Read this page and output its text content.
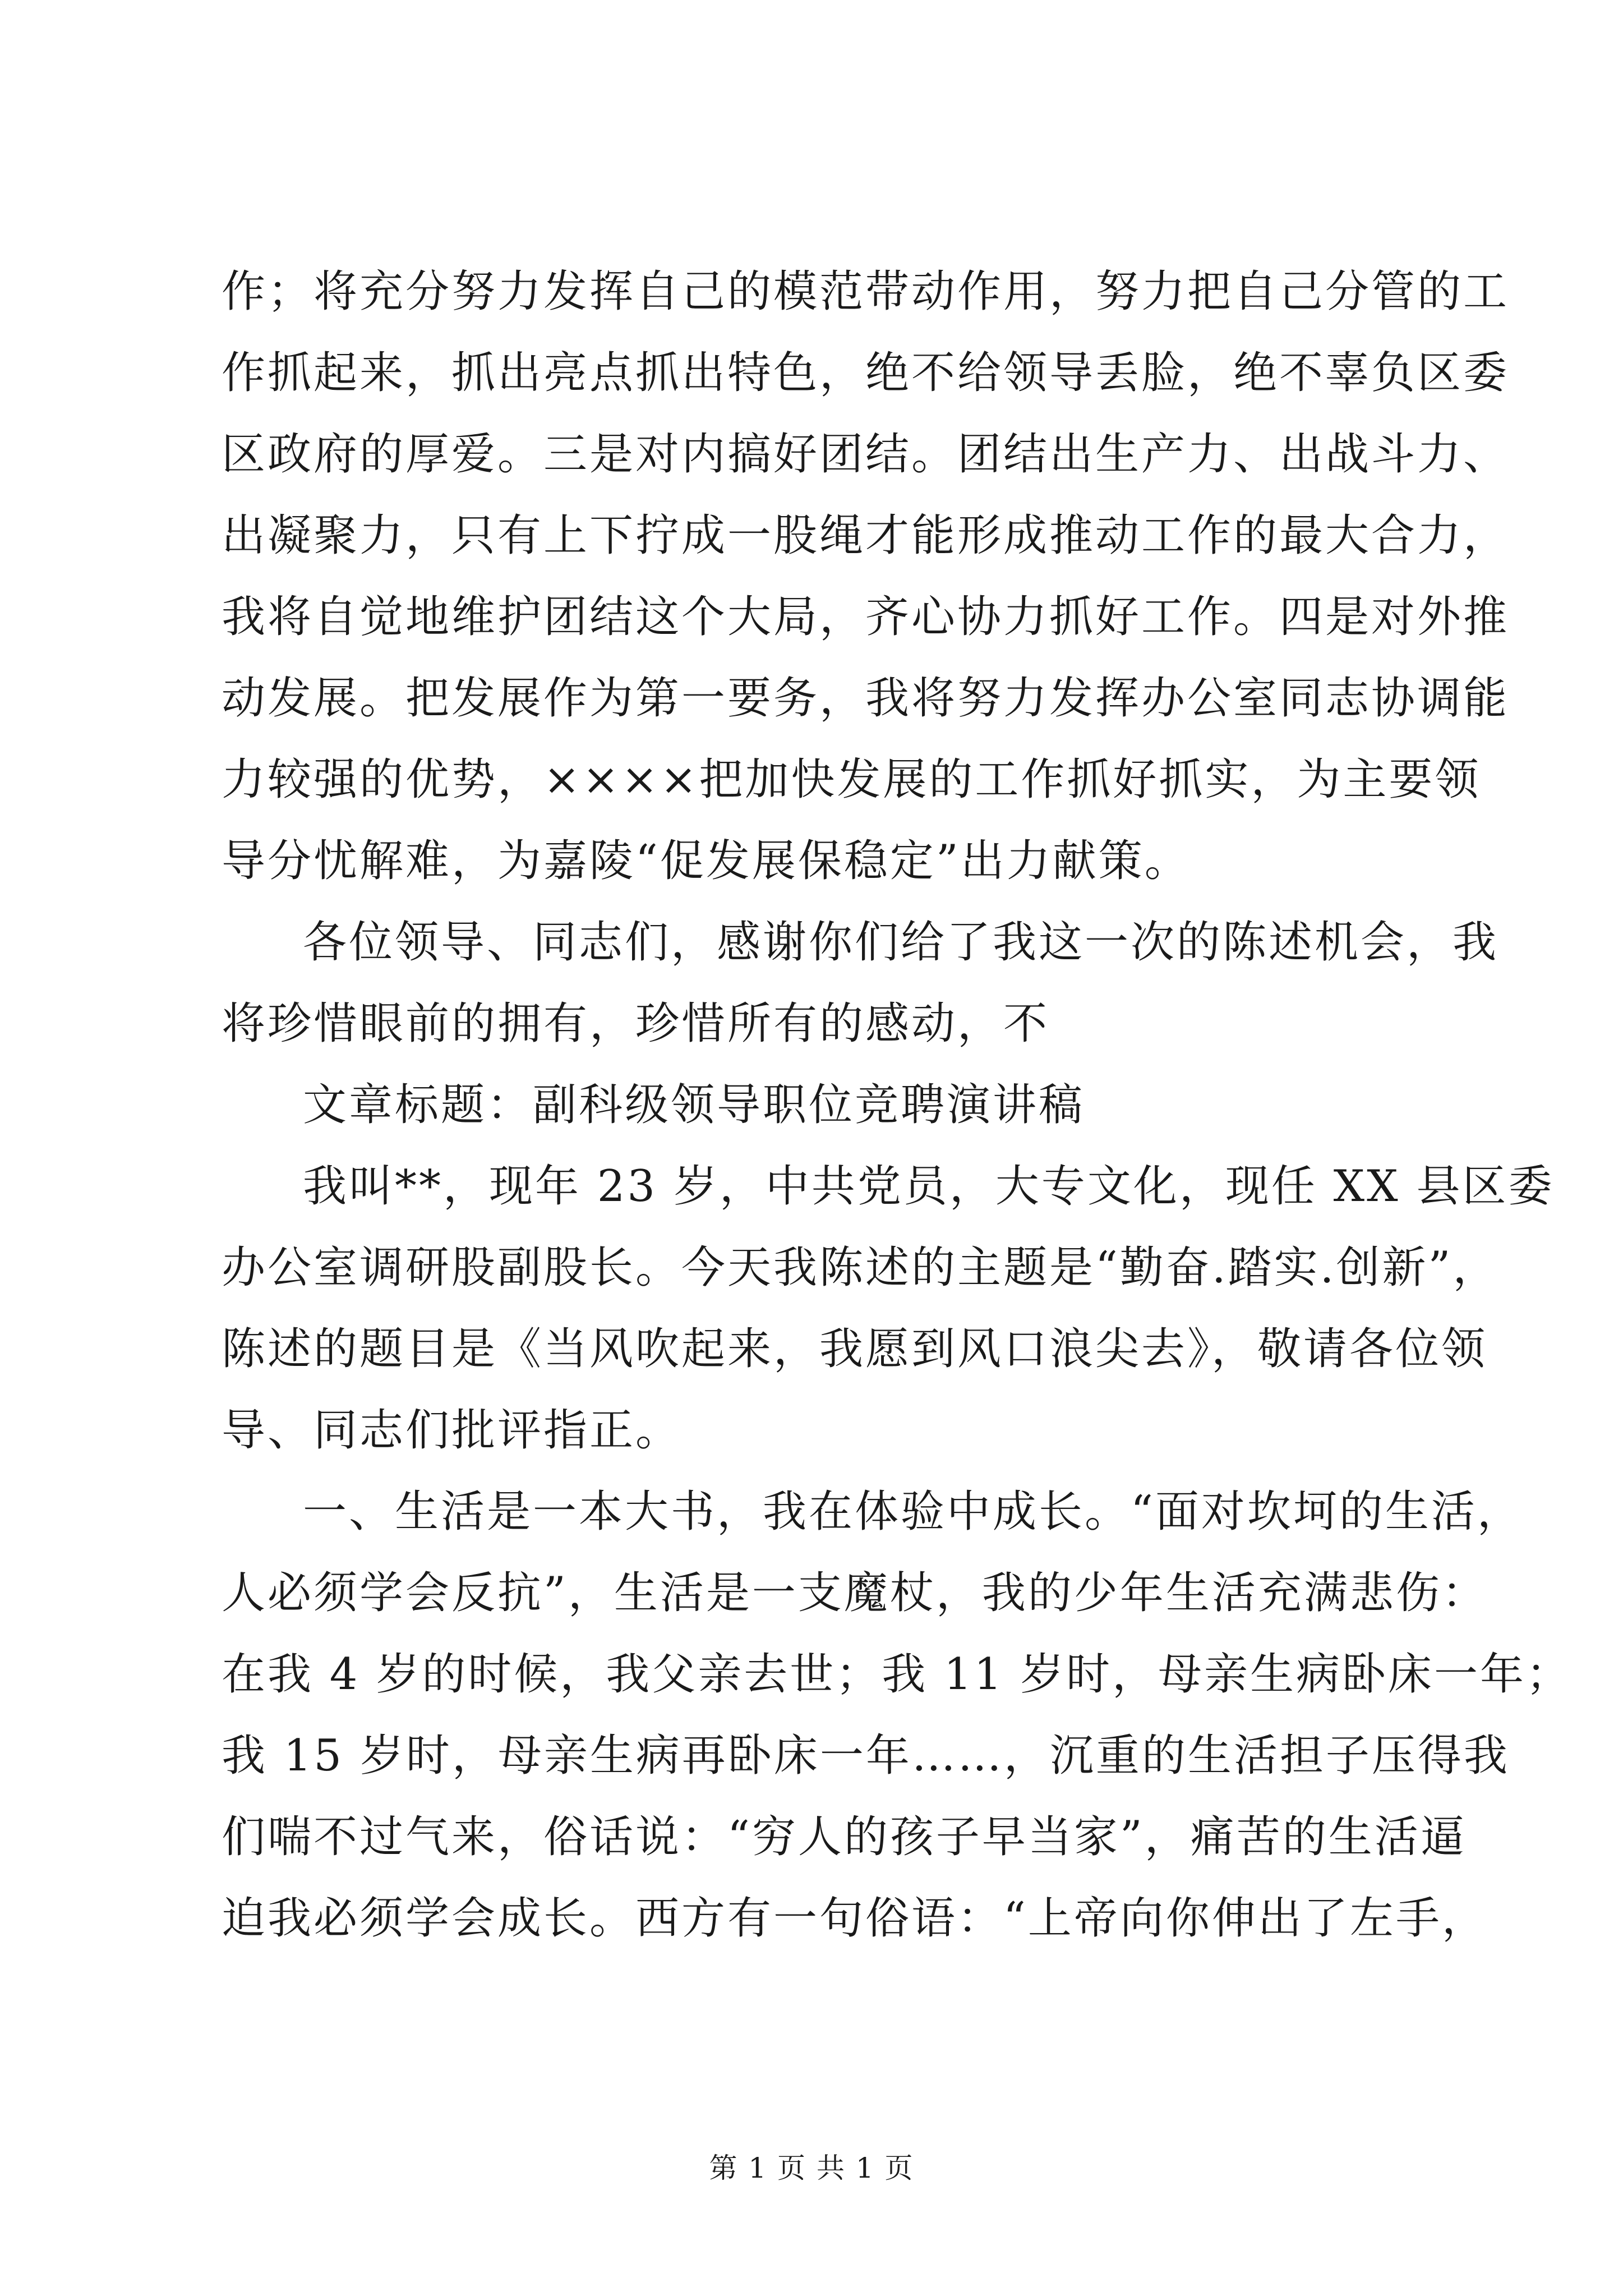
作；将充分努力发挥自己的模范带动作用，努力把自己分管的工
作抓起来，抓出亮点抓出特色，绝不给领导丢脸，绝不辜负区委
区政府的厚爱。三是对内搞好团结。团结出生产力、出战斗力、
出凝聚力，只有上下拧成一股绳才能形成推动工作的最大合力，
我将自觉地维护团结这个大局，齐心协力抓好工作。四是对外推
动发展。把发展作为第一要务，我将努力发挥办公室同志协调能
力较强的优势，××××把加快发展的工作抓好抓实，为主要领
导分忧解难，为嘉陵“促发展保稳定”出力献策。
各位领导、同志们，感谢你们给了我这一次的陈述机会，我
将珍惜眼前的拥有，珍惜所有的感动，不
文章标题：副科级领导职位竞聘演讲稿
我叫**，现年 23 岁，中共党员，大专文化，现任 XX 县区委
办公室调研股副股长。今天我陈述的主题是“勤奋.踏实.创新”，
陈述的题目是《当风吹起来，我愿到风口浪尖去》，敬请各位领
导、同志们批评指正。
一、生活是一本大书，我在体验中成长。“面对坎坷的生活，
人必须学会反抗”，生活是一支魔杖，我的少年生活充满悲伤：
在我 4 岁的时候，我父亲去世；我 11 岁时，母亲生病卧床一年；
我 15 岁时，母亲生病再卧床一年……，沉重的生活担子压得我
们喘不过气来，俗话说：“穷人的孩子早当家”，痛苦的生活逼
迫我必须学会成长。西方有一句俗语：“上帝向你伸出了左手，
第 1 页 共 1 页
